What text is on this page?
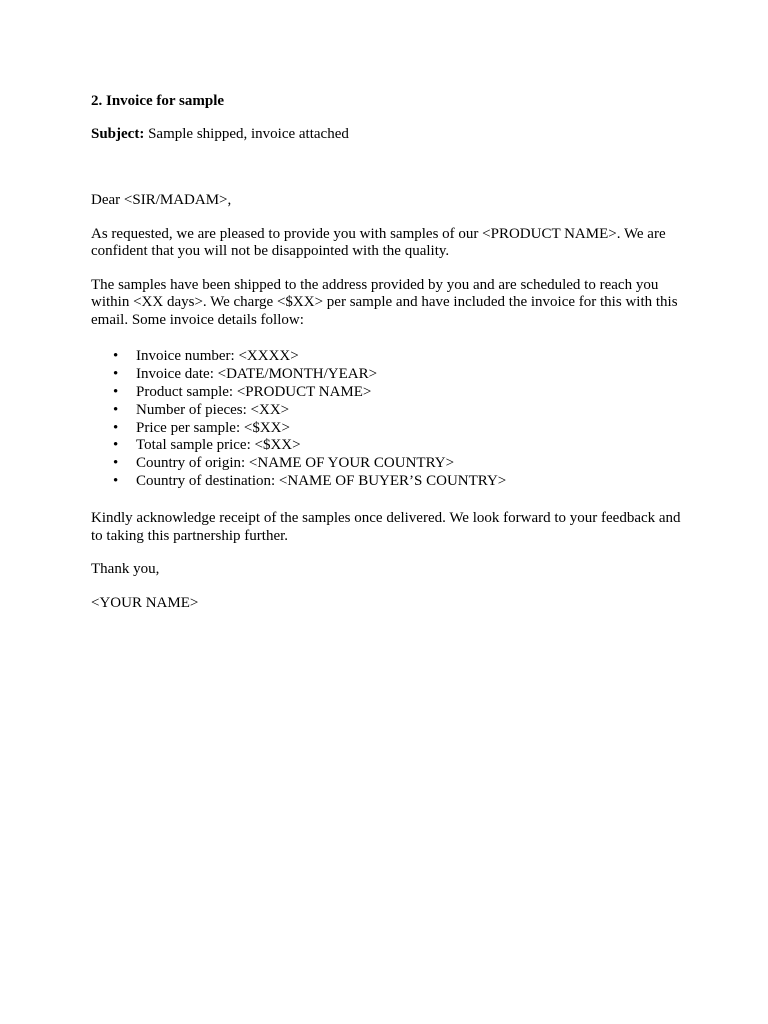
2. Invoice for sample

Subject: Sample shipped, invoice attached

Dear <SIR/MADAM>,

As requested, we are pleased to provide you with samples of our <PRODUCT NAME>. We are confident that you will not be disappointed with the quality.

The samples have been shipped to the address provided by you and are scheduled to reach you within <XX days>. We charge <$XX> per sample and have included the invoice for this with this email. Some invoice details follow:

• Invoice number: <XXXX>
• Invoice date: <DATE/MONTH/YEAR>
• Product sample: <PRODUCT NAME>
• Number of pieces: <XX>
• Price per sample: <$XX>
• Total sample price: <$XX>
• Country of origin: <NAME OF YOUR COUNTRY>
• Country of destination: <NAME OF BUYER’S COUNTRY>

Kindly acknowledge receipt of the samples once delivered. We look forward to your feedback and to taking this partnership further.

Thank you,

<YOUR NAME>
